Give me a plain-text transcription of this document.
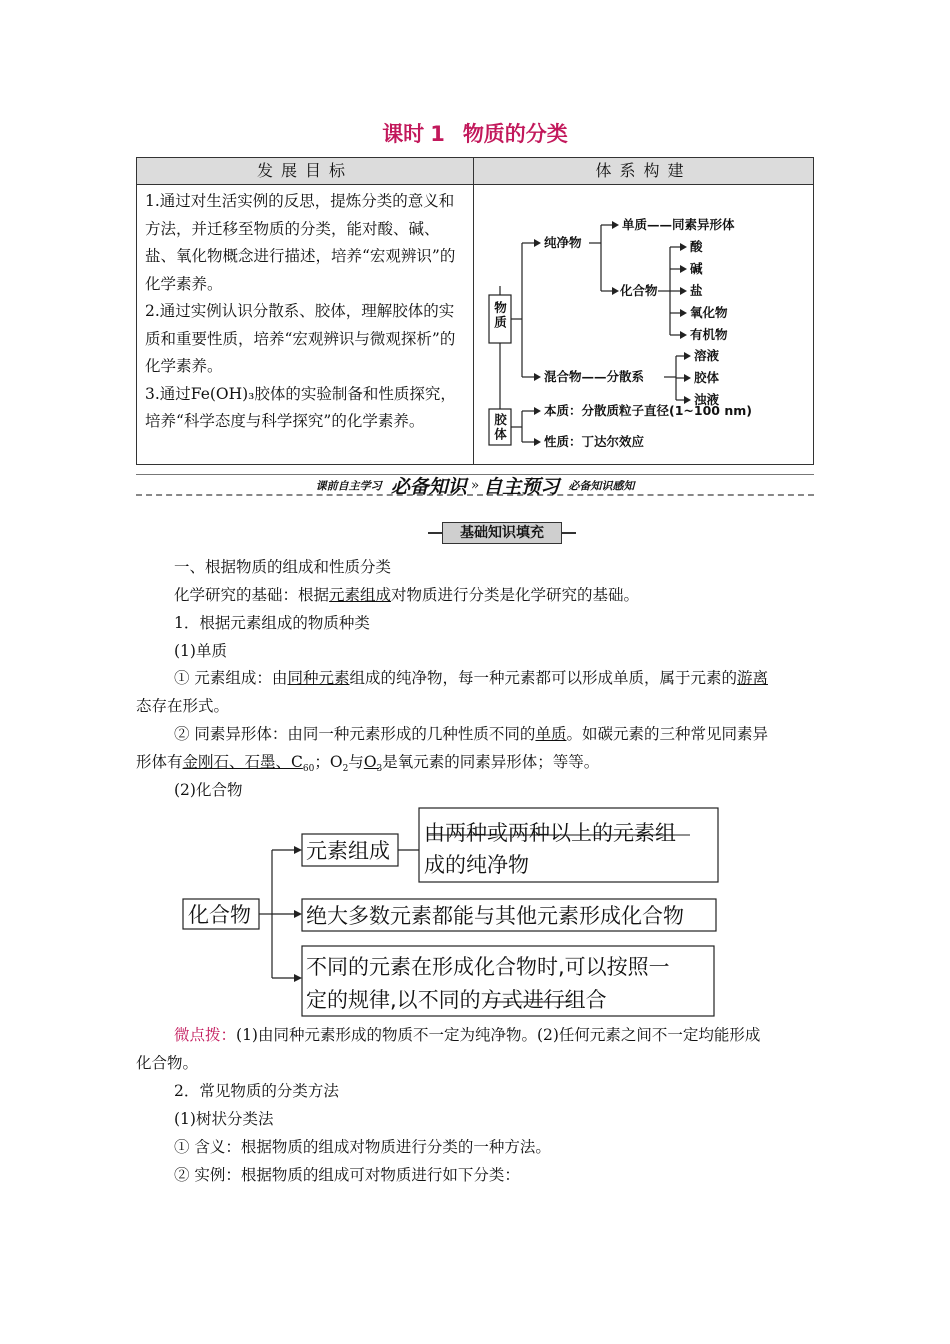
课时 1 物质的分类
发展目标	体系构建

1.通过对生活实例的反思，提炼分类的意义和方法，并迁移至物质的分类，能对酸、碱、盐、氧化物概念进行描述，培养“宏观辨识”的化学素养。

2.通过实例认识分散系、胶体，理解胶体的实质和重要性质，培养“宏观辨识与微观探析”的化学素养。

3.通过Fe(OH)₃胶体的实验制备和性质探究，培养“科学态度与科学探究”的化学素养。

物质
胶体
纯净物
单质——同素异形体
化合物
酸
碱
盐
氧化物
有机物
混合物——分散系
溶液
胶体
浊液
本质：分散质粒子直径(1~100 nm)
性质：丁达尔效应
课前自主学习 必备知识 » 自主预习 必备知识感知
基础知识填充

一、根据物质的组成和性质分类

化学研究的基础：根据元素组成对物质进行分类是化学研究的基础。

1．根据元素组成的物质种类

(1)单质

① 元素组成：由同种元素组成的纯净物，每一种元素都可以形成单质，属于元素的游离

态存在形式。

② 同素异形体：由同一种元素形成的几种性质不同的单质。如碳元素的三种常见同素异

形体有金刚石、石墨、$C_{60}$；$O_2$与$O_3$是氧元素的同素异形体；等等。

(2)化合物

化合物
元素组成
由两种或两种以上的元素组
成的纯净物
绝大多数元素都能与其他元素形成化合物
不同的元素在形成化合物时,可以按照一
定的规律,以不同的方式进行组合

微点拨：(1)由同种元素形成的物质不一定为纯净物。(2)任何元素之间不一定均能形成

化合物。

2．常见物质的分类方法

(1)树状分类法

① 含义：根据物质的组成对物质进行分类的一种方法。

② 实例：根据物质的组成可对物质进行如下分类：
